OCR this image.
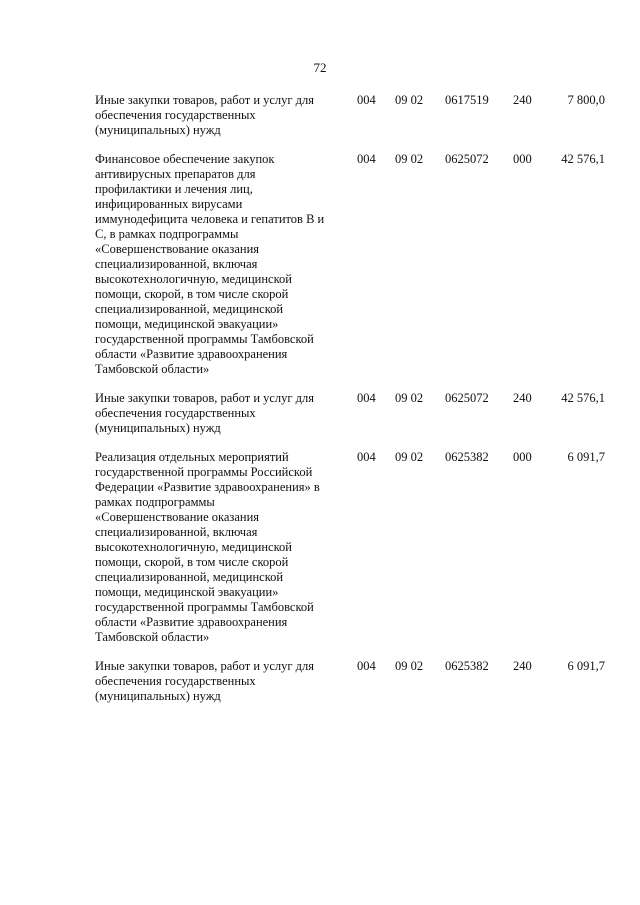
72
Иные закупки товаров, работ и услуг для
обеспечения государственных
(муниципальных) нужд
004	09 02	0617519	240	7 800,0
Финансовое обеспечение закупок
антивирусных препаратов для
профилактики и лечения лиц,
инфицированных вирусами
иммунодефицита человека и гепатитов B и
C, в рамках подпрограммы
«Совершенствование оказания
специализированной, включая
высокотехнологичную, медицинской
помощи, скорой, в том числе скорой
специализированной, медицинской
помощи, медицинской эвакуации»
государственной программы Тамбовской
области «Развитие здравоохранения
Тамбовской области»
004	09 02	0625072	000	42 576,1
Иные закупки товаров, работ и услуг для
обеспечения государственных
(муниципальных) нужд
004	09 02	0625072	240	42 576,1
Реализация отдельных мероприятий
государственной программы Российской
Федерации «Развитие здравоохранения» в
рамках подпрограммы
«Совершенствование оказания
специализированной, включая
высокотехнологичную, медицинской
помощи, скорой, в том числе скорой
специализированной, медицинской
помощи, медицинской эвакуации»
государственной программы Тамбовской
области «Развитие здравоохранения
Тамбовской области»
004	09 02	0625382	000	6 091,7
Иные закупки товаров, работ и услуг для
обеспечения государственных
(муниципальных) нужд
004	09 02	0625382	240	6 091,7
